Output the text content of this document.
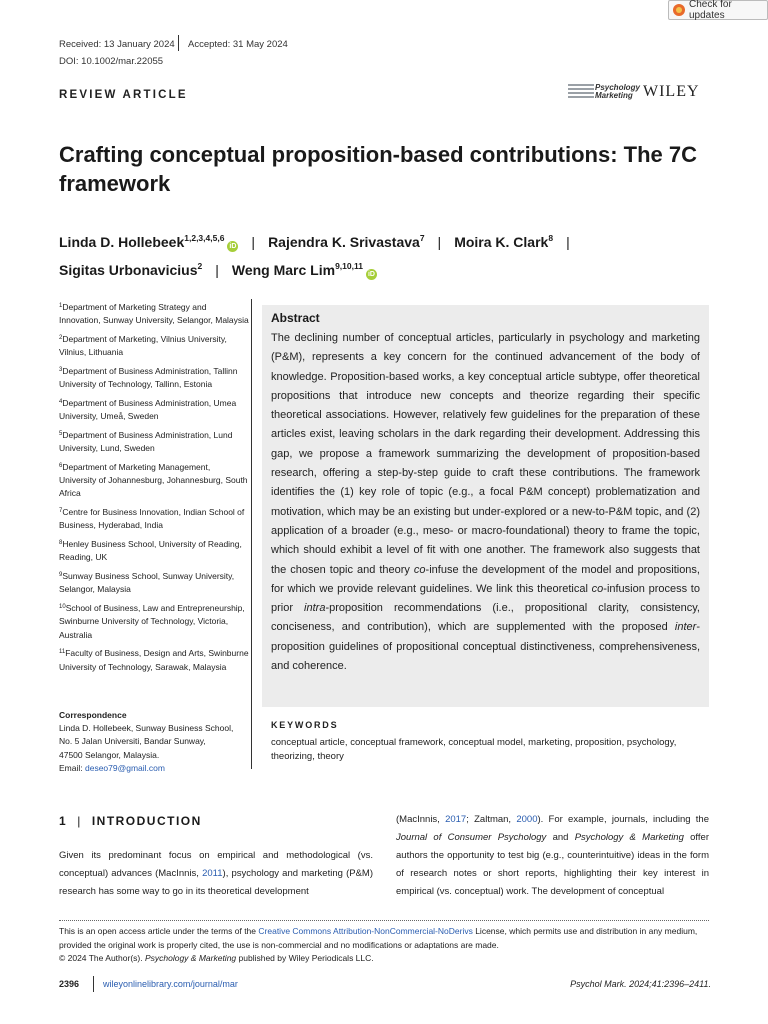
Check for updates
Received: 13 January 2024 Accepted: 31 May 2024
DOI: 10.1002/mar.22055
REVIEW ARTICLE
Psychology
Marketing WILEY
Crafting conceptual proposition-based contributions: The 7C
framework
Linda D. Hollebeek$^{1,2,3,4,5,6}$iD | Rajendra K. Srivastava$^7$ | Moira K. Clark$^8$ |
Sigitas Urbonavicius$^2$ | Weng Marc Lim$^{9,10,11}$iD

$^1$Department of Marketing Strategy and Innovation, Sunway University, Selangor, Malaysia

$^2$Department of Marketing, Vilnius University, Vilnius, Lithuania

$^3$Department of Business Administration, Tallinn University of Technology, Tallinn, Estonia

$^4$Department of Business Administration, Umea University, Umeå, Sweden

$^5$Department of Business Administration, Lund University, Lund, Sweden

$^6$Department of Marketing Management, University of Johannesburg, Johannesburg, South Africa

$^7$Centre for Business Innovation, Indian School of Business, Hyderabad, India

$^8$Henley Business School, University of Reading, Reading, UK

$^9$Sunway Business School, Sunway University, Selangor, Malaysia

$^{10}$School of Business, Law and Entrepreneurship, Swinburne University of Technology, Victoria, Australia

$^{11}$Faculty of Business, Design and Arts, Swinburne University of Technology, Sarawak, Malaysia

Correspondence
Linda D. Hollebeek, Sunway Business School,
No. 5 Jalan Universiti, Bandar Sunway,
47500 Selangor, Malaysia.
Email: deseo79@gmail.com
Abstract
The declining number of conceptual articles, particularly in psychology and marketing (P&M), represents a key concern for the continued advancement of the body of knowledge. Proposition-based works, a key conceptual article subtype, offer theoretical propositions that introduce new concepts and theorize regarding their specific theoretical associations. However, relatively few guidelines for the preparation of these articles exist, leaving scholars in the dark regarding their development. Addressing this gap, we propose a framework summarizing the development of proposition-based research, offering a step-by-step guide to craft these contributions. The framework identifies the (1) key role of topic (e.g., a focal P&M concept) problematization and motivation, which may be an existing but under-explored or a new-to-P&M topic, and (2) application of a broader (e.g., meso- or macro-foundational) theory to frame the topic, which should exhibit a level of fit with one another. The framework also suggests that the chosen topic and theory co-infuse the development of the model and propositions, for which we provide relevant guidelines. We link this theoretical co-infusion process to prior intra-proposition recommendations (i.e., propositional clarity, consistency, conciseness, and contribution), which are supplemented with the proposed inter-proposition guidelines of propositional conceptual distinctiveness, comprehensiveness, and coherence.
KEYWORDS
conceptual article, conceptual framework, conceptual model, marketing, proposition, psychology, theorizing, theory
1 | INTRODUCTION
Given its predominant focus on empirical and methodological (vs. conceptual) advances (MacInnis, 2011), psychology and marketing (P&M) research has some way to go in its theoretical development
(MacInnis, 2017; Zaltman, 2000). For example, journals, including the Journal of Consumer Psychology and Psychology & Marketing offer authors the opportunity to test big (e.g., counterintuitive) ideas in the form of research notes or short reports, highlighting their key interest in empirical (vs. conceptual) work. The development of conceptual
This is an open access article under the terms of the Creative Commons Attribution-NonCommercial-NoDerivs License, which permits use and distribution in any medium, provided the original work is properly cited, the use is non-commercial and no modifications or adaptations are made.
© 2024 The Author(s). Psychology & Marketing published by Wiley Periodicals LLC.
2396	wileyonlinelibrary.com/journal/mar	Psychol Mark. 2024;41:2396–2411.
